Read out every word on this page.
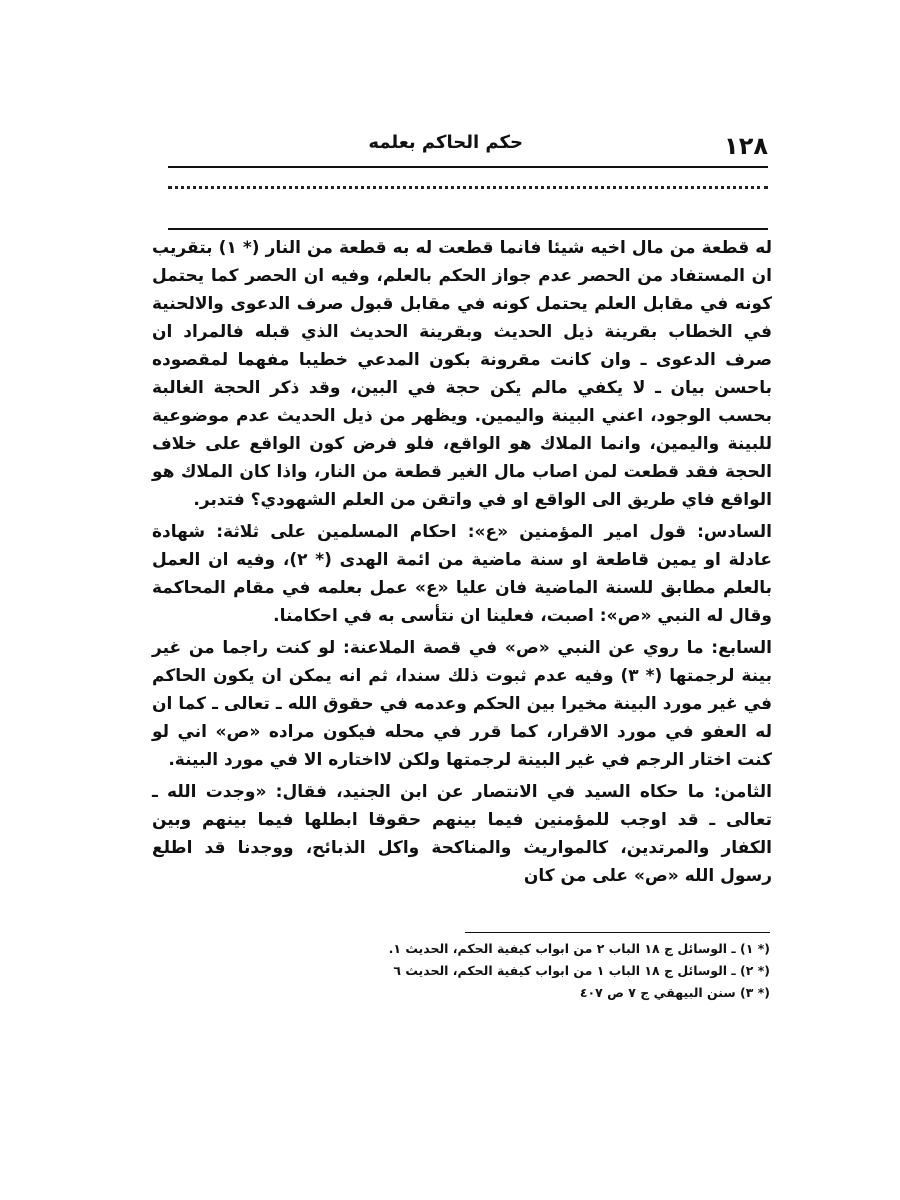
١٢٨
حكم الحاكم بعلمه

له قطعة من مال اخيه شيئا فانما قطعت له به قطعة من النار (* ١) بتقريب ان المستفاد من الحصر عدم جواز الحكم بالعلم، وفيه ان الحصر كما يحتمل كونه في مقابل العلم يحتمل كونه في مقابل قبول صرف الدعوى والالحنية في الخطاب بقرينة ذيل الحديث وبقرينة الحديث الذي قبله فالمراد ان صرف الدعوى ـ وان كانت مقرونة بكون المدعي خطيبا مفهما لمقصوده باحسن بيان ـ لا يكفي مالم يكن حجة في البين، وقد ذكر الحجة الغالبة بحسب الوجود، اعني البينة واليمين. ويظهر من ذيل الحديث عدم موضوعية للبينة واليمين، وانما الملاك هو الواقع، فلو فرض كون الواقع على خلاف الحجة فقد قطعت لمن اصاب مال الغير قطعة من النار، واذا كان الملاك هو الواقع فاي طريق الى الواقع او في واتقن من العلم الشهودي؟ فتدبر.

السادس: قول امير المؤمنين «ع»: احكام المسلمين على ثلاثة: شهادة عادلة او يمين قاطعة او سنة ماضية من ائمة الهدى (* ٢)، وفيه ان العمل بالعلم مطابق للسنة الماضية فان عليا «ع» عمل بعلمه في مقام المحاكمة وقال له النبي «ص»: اصبت، فعلينا ان نتأسى به في احكامنا.

السابع: ما روي عن النبي «ص» في قصة الملاعنة: لو كنت راجما من غير بينة لرجمتها (* ٣) وفيه عدم ثبوت ذلك سندا، ثم انه يمكن ان يكون الحاكم في غير مورد البينة مخيرا بين الحكم وعدمه في حقوق الله ـ تعالى ـ كما ان له العفو في مورد الاقرار، كما قرر في محله فيكون مراده «ص» اني لو كنت اختار الرجم في غير البينة لرجمتها ولكن لااختاره الا في مورد البينة.

الثامن: ما حكاه السيد في الانتصار عن ابن الجنيد، فقال: «وجدت الله ـ تعالى ـ قد اوجب للمؤمنين فيما بينهم حقوقا ابطلها فيما بينهم وبين الكفار والمرتدين، كالمواريث والمناكحة واكل الذبائح، ووجدنا قد اطلع رسول الله «ص» على من كان

(* ١) ـ الوسائل ج ١٨ الباب ٢ من ابواب كيفية الحكم، الحديث ١.

(* ٢) ـ الوسائل ج ١٨ الباب ١ من ابواب كيفية الحكم، الحديث ٦

(* ٣) سنن البيهقي ج ٧ ص ٤٠٧
